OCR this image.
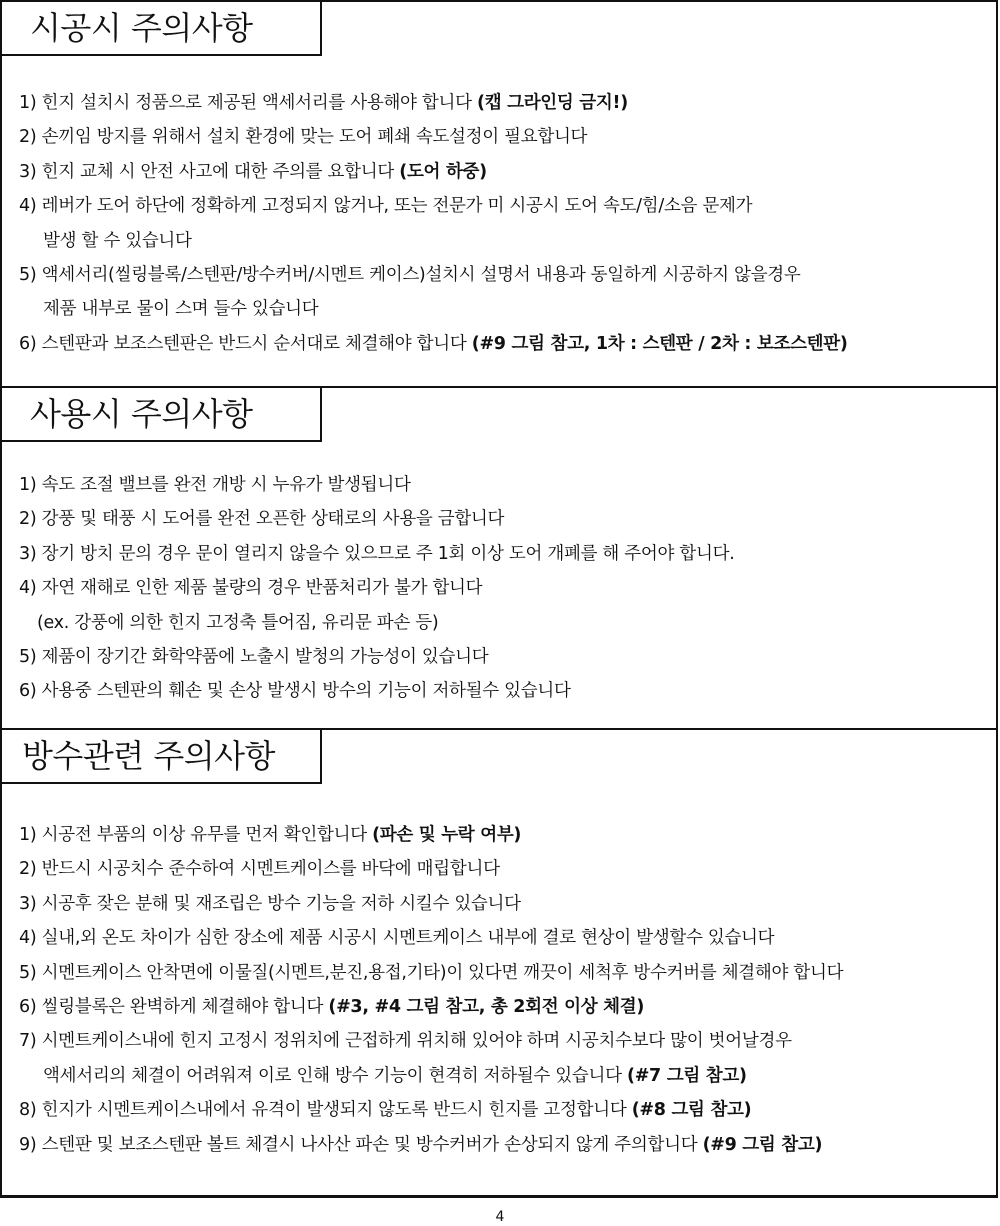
시공시 주의사항
1) 힌지 설치시 정품으로 제공된 액세서리를 사용해야 합니다 (캡 그라인딩 금지!)
2) 손끼임 방지를 위해서 설치 환경에 맞는 도어 폐쇄 속도설정이 필요합니다
3) 힌지 교체 시 안전 사고에 대한 주의를 요합니다 (도어 하중)
4) 레버가 도어 하단에 정확하게 고정되지 않거나, 또는 전문가 미 시공시 도어 속도/힘/소음 문제가
발생 할 수 있습니다
5) 액세서리(씰링블록/스텐판/방수커버/시멘트 케이스)설치시 설명서 내용과 동일하게 시공하지 않을경우
제품 내부로 물이 스며 들수 있습니다
6) 스텐판과 보조스텐판은 반드시 순서대로 체결해야 합니다 (#9 그림 참고, 1차 : 스텐판 / 2차 : 보조스텐판)
사용시 주의사항
1) 속도 조절 밸브를 완전 개방 시 누유가 발생됩니다
2) 강풍 및 태풍 시 도어를 완전 오픈한 상태로의 사용을 금합니다
3) 장기 방치 문의 경우 문이 열리지 않을수 있으므로 주 1회 이상 도어 개폐를 해 주어야 합니다.
4) 자연 재해로 인한 제품 불량의 경우 반품처리가 불가 합니다
(ex. 강풍에 의한 힌지 고정축 틀어짐, 유리문 파손 등)
5) 제품이 장기간 화학약품에 노출시 발청의 가능성이 있습니다
6) 사용중 스텐판의 훼손 및 손상 발생시 방수의 기능이 저하될수 있습니다
방수관련 주의사항
1) 시공전 부품의 이상 유무를 먼저 확인합니다 (파손 및 누락 여부)
2) 반드시 시공치수 준수하여 시멘트케이스를 바닥에 매립합니다
3) 시공후 잦은 분해 및 재조립은 방수 기능을 저하 시킬수 있습니다
4) 실내,외 온도 차이가 심한 장소에 제품 시공시 시멘트케이스 내부에 결로 현상이 발생할수 있습니다
5) 시멘트케이스 안착면에 이물질(시멘트,분진,용접,기타)이 있다면 깨끗이 세척후 방수커버를 체결해야 합니다
6) 씰링블록은 완벽하게 체결해야 합니다 (#3, #4 그림 참고, 총 2회전 이상 체결)
7) 시멘트케이스내에 힌지 고정시 정위치에 근접하게 위치해 있어야 하며 시공치수보다 많이 벗어날경우
액세서리의 체결이 어려워져 이로 인해 방수 기능이 현격히 저하될수 있습니다 (#7 그림 참고)
8) 힌지가 시멘트케이스내에서 유격이 발생되지 않도록 반드시 힌지를 고정합니다 (#8 그림 참고)
9) 스텐판 및 보조스텐판 볼트 체결시 나사산 파손 및 방수커버가 손상되지 않게 주의합니다 (#9 그림 참고)
4
